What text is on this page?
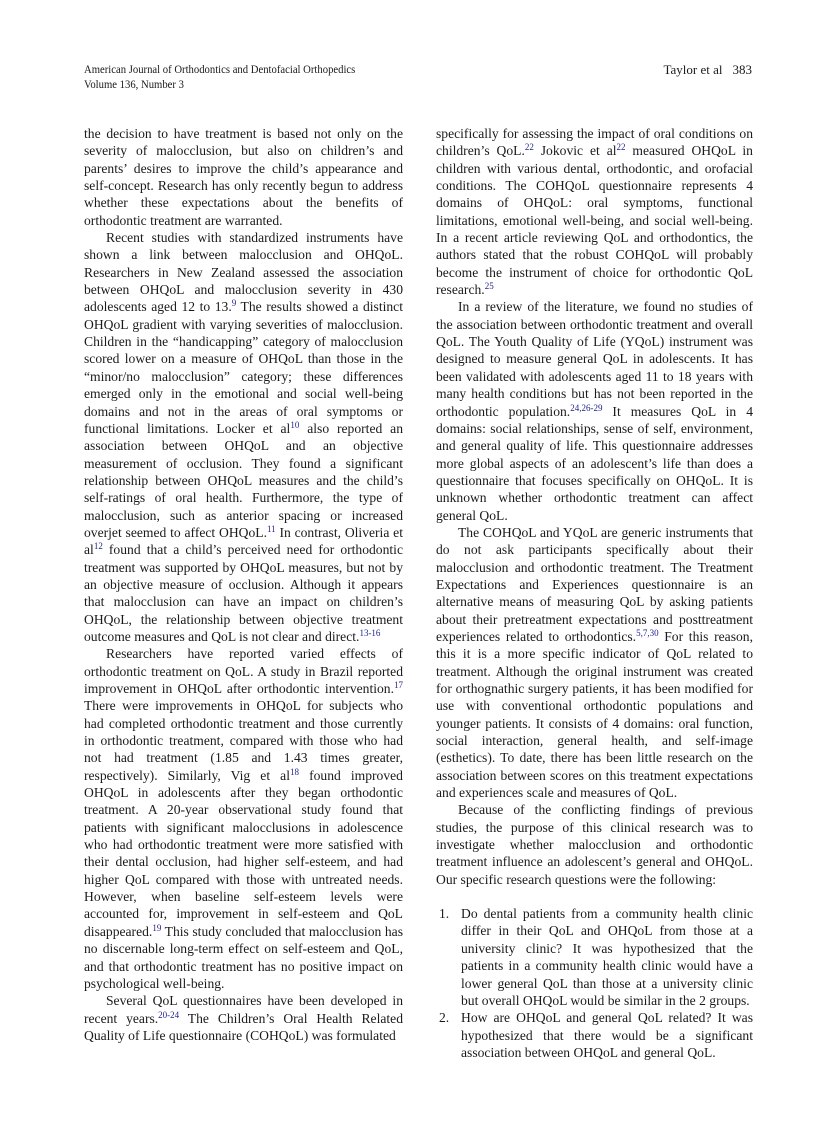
American Journal of Orthodontics and Dentofacial Orthopedics
Volume 136, Number 3
Taylor et al 383

the decision to have treatment is based not only on the severity of malocclusion, but also on children’s and parents’ desires to improve the child’s appearance and self-concept. Research has only recently begun to address whether these expectations about the benefits of orthodontic treatment are warranted.

Recent studies with standardized instruments have shown a link between malocclusion and OHQoL. Researchers in New Zealand assessed the association between OHQoL and malocclusion severity in 430 adolescents aged 12 to 13.$^9$ The results showed a distinct OHQoL gradient with varying severities of malocclusion. Children in the “handicapping” category of malocclusion scored lower on a measure of OHQoL than those in the “minor/no malocclusion” category; these differences emerged only in the emotional and social well-being domains and not in the areas of oral symptoms or functional limitations. Locker et al$^{10}$ also reported an association between OHQoL and an objective measurement of occlusion. They found a significant relationship between OHQoL measures and the child’s self-ratings of oral health. Furthermore, the type of malocclusion, such as anterior spacing or increased overjet seemed to affect OHQoL.$^{11}$ In contrast, Oliveria et al$^{12}$ found that a child’s perceived need for orthodontic treatment was supported by OHQoL measures, but not by an objective measure of occlusion. Although it appears that malocclusion can have an impact on children’s OHQoL, the relationship between objective treatment outcome measures and QoL is not clear and direct.$^{13-16}$

Researchers have reported varied effects of orthodontic treatment on QoL. A study in Brazil reported improvement in OHQoL after orthodontic intervention.$^{17}$ There were improvements in OHQoL for subjects who had completed orthodontic treatment and those currently in orthodontic treatment, compared with those who had not had treatment (1.85 and 1.43 times greater, respectively). Similarly, Vig et al$^{18}$ found improved OHQoL in adolescents after they began orthodontic treatment. A 20-year observational study found that patients with significant malocclusions in adolescence who had orthodontic treatment were more satisfied with their dental occlusion, had higher self-esteem, and had higher QoL compared with those with untreated needs. However, when baseline self-esteem levels were accounted for, improvement in self-esteem and QoL disappeared.$^{19}$ This study concluded that malocclusion has no discernable long-term effect on self-esteem and QoL, and that orthodontic treatment has no positive impact on psychological well-being.

Several QoL questionnaires have been developed in recent years.$^{20-24}$ The Children’s Oral Health Related Quality of Life questionnaire (COHQoL) was formulated

specifically for assessing the impact of oral conditions on children’s QoL.$^{22}$ Jokovic et al$^{22}$ measured OHQoL in children with various dental, orthodontic, and orofacial conditions. The COHQoL questionnaire represents 4 domains of OHQoL: oral symptoms, functional limitations, emotional well-being, and social well-being. In a recent article reviewing QoL and orthodontics, the authors stated that the robust COHQoL will probably become the instrument of choice for orthodontic QoL research.$^{25}$

In a review of the literature, we found no studies of the association between orthodontic treatment and overall QoL. The Youth Quality of Life (YQoL) instrument was designed to measure general QoL in adolescents. It has been validated with adolescents aged 11 to 18 years with many health conditions but has not been reported in the orthodontic population.$^{24,26-29}$ It measures QoL in 4 domains: social relationships, sense of self, environment, and general quality of life. This questionnaire addresses more global aspects of an adolescent’s life than does a questionnaire that focuses specifically on OHQoL. It is unknown whether orthodontic treatment can affect general QoL.

The COHQoL and YQoL are generic instruments that do not ask participants specifically about their malocclusion and orthodontic treatment. The Treatment Expectations and Experiences questionnaire is an alternative means of measuring QoL by asking patients about their pretreatment expectations and posttreatment experiences related to orthodontics.$^{5,7,30}$ For this reason, this it is a more specific indicator of QoL related to treatment. Although the original instrument was created for orthognathic surgery patients, it has been modified for use with conventional orthodontic populations and younger patients. It consists of 4 domains: oral function, social interaction, general health, and self-image (esthetics). To date, there has been little research on the association between scores on this treatment expectations and experiences scale and measures of QoL.

Because of the conflicting findings of previous studies, the purpose of this clinical research was to investigate whether malocclusion and orthodontic treatment influence an adolescent’s general and OHQoL. Our specific research questions were the following:

1. Do dental patients from a community health clinic differ in their QoL and OHQoL from those at a university clinic? It was hypothesized that the patients in a community health clinic would have a lower general QoL than those at a university clinic but overall OHQoL would be similar in the 2 groups.
2. How are OHQoL and general QoL related? It was hypothesized that there would be a significant association between OHQoL and general QoL.
